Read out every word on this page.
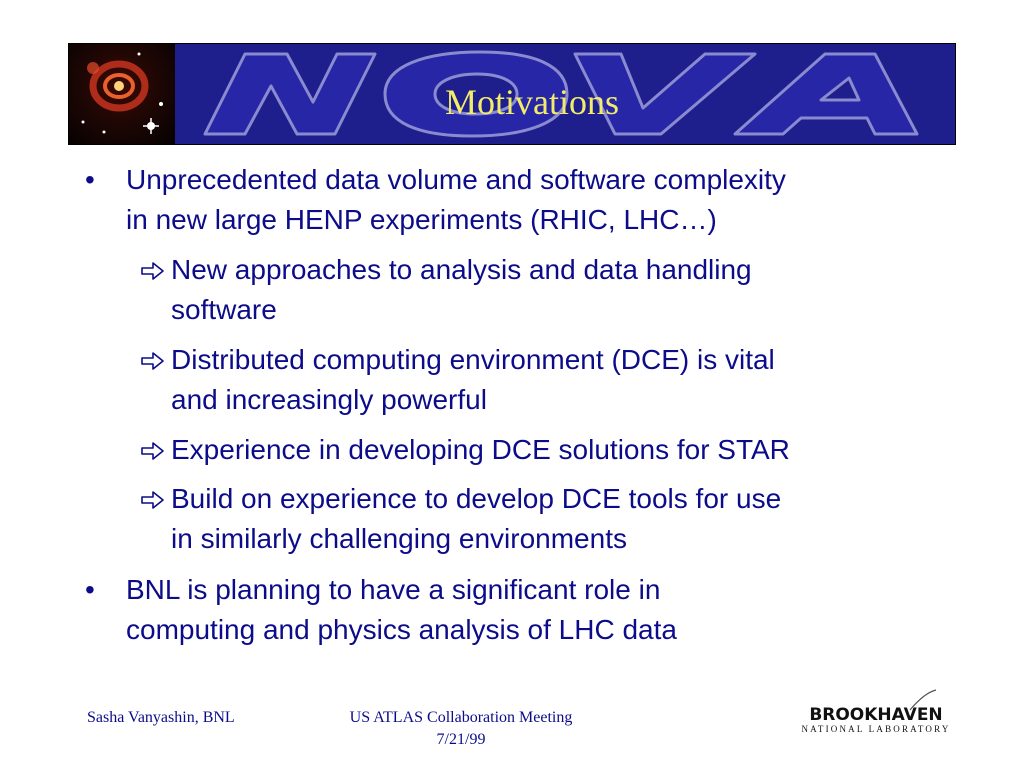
Motivations
• Unprecedented data volume and software complexity
in new large HENP experiments (RHIC, LHC…)
New approaches to analysis and data handling
software
Distributed computing environment (DCE) is vital
and increasingly powerful
Experience in developing DCE solutions for STAR
Build on experience to develop DCE tools for use
in similarly challenging environments
• BNL is planning to have a significant role in
computing and physics analysis of LHC data
Sasha Vanyashin, BNL	US ATLAS Collaboration Meeting
7/21/99
BROOKHAVEN
NATIONAL LABORATORY
